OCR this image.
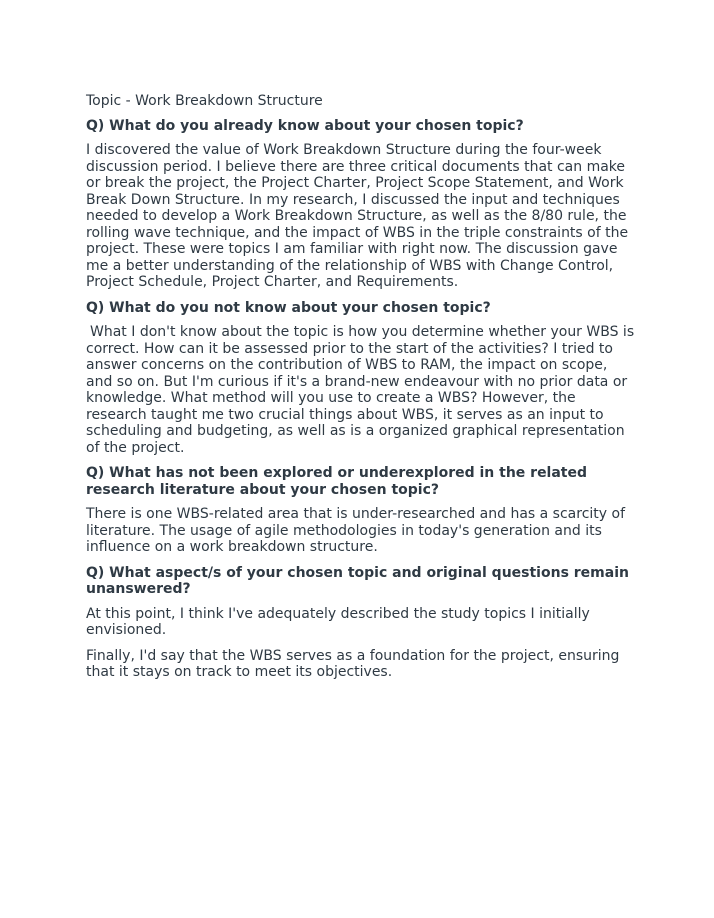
Topic - Work Breakdown Structure

Q) What do you already know about your chosen topic?

I discovered the value of Work Breakdown Structure during the four-week discussion period. I believe there are three critical documents that can make or break the project, the Project Charter, Project Scope Statement, and Work Break Down Structure. In my research, I discussed the input and techniques needed to develop a Work Breakdown Structure, as well as the 8/80 rule, the rolling wave technique, and the impact of WBS in the triple constraints of the project. These were topics I am familiar with right now. The discussion gave me a better understanding of the relationship of WBS with Change Control, Project Schedule, Project Charter, and Requirements.

Q) What do you not know about your chosen topic?

What I don't know about the topic is how you determine whether your WBS is correct. How can it be assessed prior to the start of the activities? I tried to answer concerns on the contribution of WBS to RAM, the impact on scope, and so on. But I'm curious if it's a brand-new endeavour with no prior data or knowledge. What method will you use to create a WBS? However, the research taught me two crucial things about WBS, it serves as an input to scheduling and budgeting, as well as is a organized graphical representation of the project.

Q) What has not been explored or underexplored in the related research literature about your chosen topic?

There is one WBS-related area that is under-researched and has a scarcity of literature. The usage of agile methodologies in today's generation and its influence on a work breakdown structure.

Q) What aspect/s of your chosen topic and original questions remain unanswered?

At this point, I think I've adequately described the study topics I initially envisioned.

Finally, I'd say that the WBS serves as a foundation for the project, ensuring that it stays on track to meet its objectives.
